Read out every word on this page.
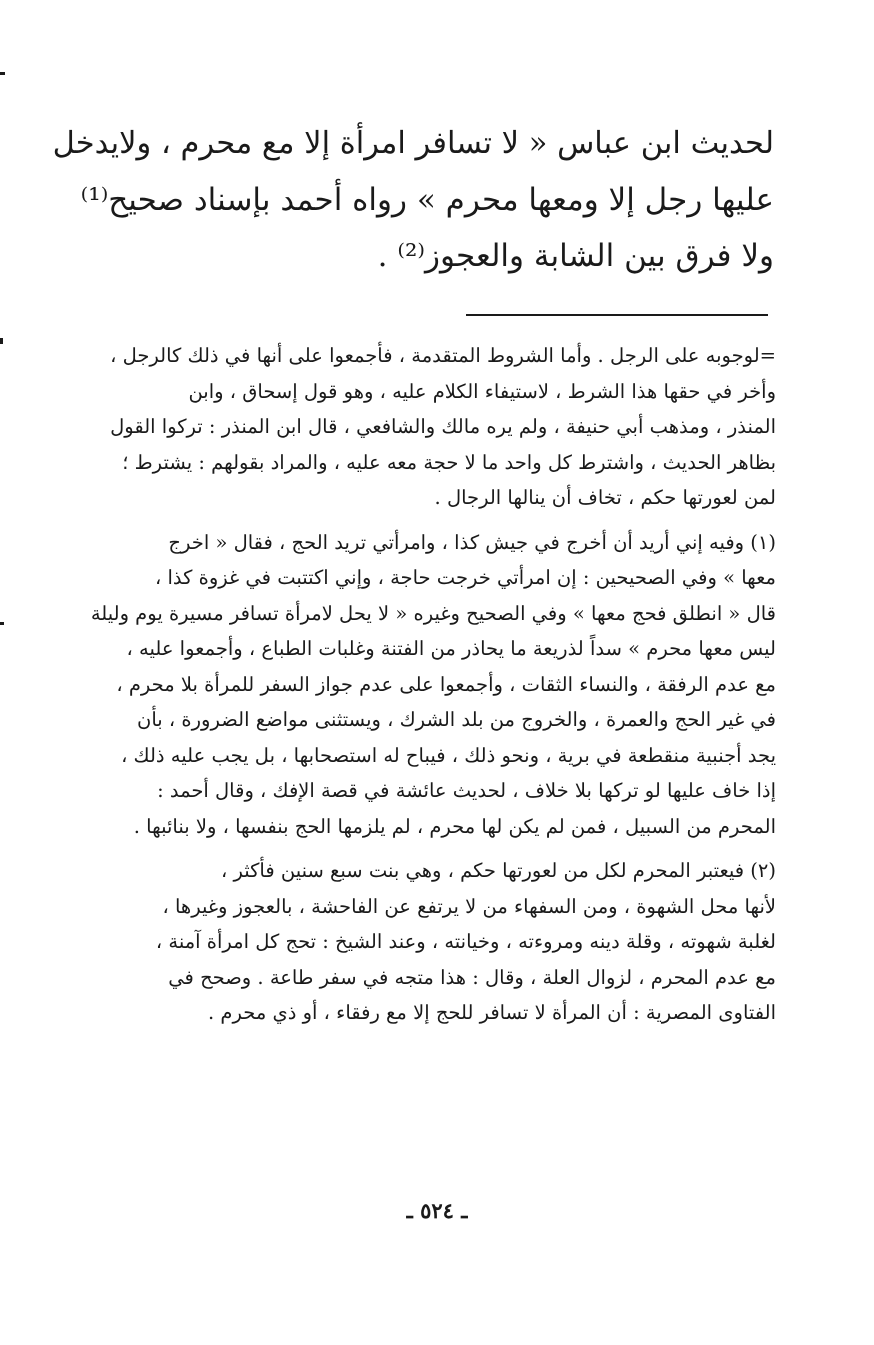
لحديث ابن عباس « لا تسافر امرأة إلا مع محرم ، ولايدخل
عليها رجل إلا ومعها محرم » رواه أحمد بإسناد صحيح⁽¹⁾
ولا فرق بين الشابة والعجوز⁽²⁾ .
=لوجوبه على الرجل . وأما الشروط المتقدمة ، فأجمعوا على أنها في ذلك كالرجل ،
وأخر في حقها هذا الشرط ، لاستيفاء الكلام عليه ، وهو قول إسحاق ، وابن
المنذر ، ومذهب أبي حنيفة ، ولم يره مالك والشافعي ، قال ابن المنذر : تركوا القول
بظاهر الحديث ، واشترط كل واحد ما لا حجة معه عليه ، والمراد بقولهم : يشترط ؛
لمن لعورتها حكم ، تخاف أن ينالها الرجال .
(١) وفيه إني أريد أن أخرج في جيش كذا ، وامرأتي تريد الحج ، فقال « اخرج
معها » وفي الصحيحين : إن امرأتي خرجت حاجة ، وإني اكتتبت في غزوة كذا ،
قال « انطلق فحج معها » وفي الصحيح وغيره « لا يحل لامرأة تسافر مسيرة يوم وليلة
ليس معها محرم » سداً لذريعة ما يحاذر من الفتنة وغلبات الطباع ، وأجمعوا عليه ،
مع عدم الرفقة ، والنساء الثقات ، وأجمعوا على عدم جواز السفر للمرأة بلا محرم ،
في غير الحج والعمرة ، والخروج من بلد الشرك ، ويستثنى مواضع الضرورة ، بأن
يجد أجنبية منقطعة في برية ، ونحو ذلك ، فيباح له استصحابها ، بل يجب عليه ذلك ،
إذا خاف عليها لو تركها بلا خلاف ، لحديث عائشة في قصة الإفك ، وقال أحمد :
المحرم من السبيل ، فمن لم يكن لها محرم ، لم يلزمها الحج بنفسها ، ولا بنائبها .
(٢) فيعتبر المحرم لكل من لعورتها حكم ، وهي بنت سبع سنين فأكثر ،
لأنها محل الشهوة ، ومن السفهاء من لا يرتفع عن الفاحشة ، بالعجوز وغيرها ،
لغلبة شهوته ، وقلة دينه ومروءته ، وخيانته ، وعند الشيخ : تحج كل امرأة آمنة ،
مع عدم المحرم ، لزوال العلة ، وقال : هذا متجه في سفر طاعة . وصحح في
الفتاوى المصرية : أن المرأة لا تسافر للحج إلا مع رفقاء ، أو ذي محرم .
ـ ٥٢٤ ـ
